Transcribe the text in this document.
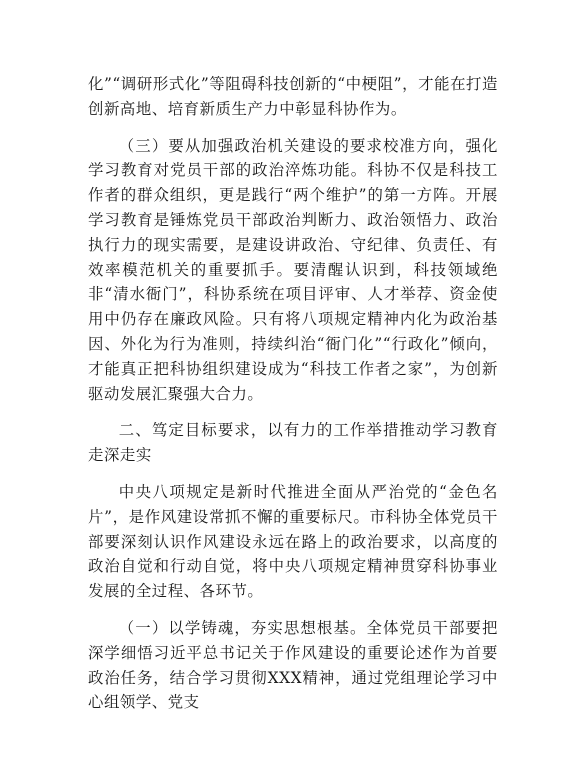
化”“调研形式化”等阻碍科技创新的“中梗阻”，才能在打造创新高地、培育新质生产力中彰显科协作为。

（三）要从加强政治机关建设的要求校准方向，强化学习教育对党员干部的政治淬炼功能。科协不仅是科技工作者的群众组织，更是践行“两个维护”的第一方阵。开展学习教育是锤炼党员干部政治判断力、政治领悟力、政治执行力的现实需要，是建设讲政治、守纪律、负责任、有效率模范机关的重要抓手。要清醒认识到，科技领域绝非“清水衙门”，科协系统在项目评审、人才举荐、资金使用中仍存在廉政风险。只有将八项规定精神内化为政治基因、外化为行为准则，持续纠治“衙门化”“行政化”倾向，才能真正把科协组织建设成为“科技工作者之家”，为创新驱动发展汇聚强大合力。

二、笃定目标要求，以有力的工作举措推动学习教育走深走实

中央八项规定是新时代推进全面从严治党的“金色名片”，是作风建设常抓不懈的重要标尺。市科协全体党员干部要深刻认识作风建设永远在路上的政治要求，以高度的政治自觉和行动自觉，将中央八项规定精神贯穿科协事业发展的全过程、各环节。

（一）以学铸魂，夯实思想根基。全体党员干部要把深学细悟习近平总书记关于作风建设的重要论述作为首要政治任务，结合学习贯彻XXX精神，通过党组理论学习中心组领学、党支
